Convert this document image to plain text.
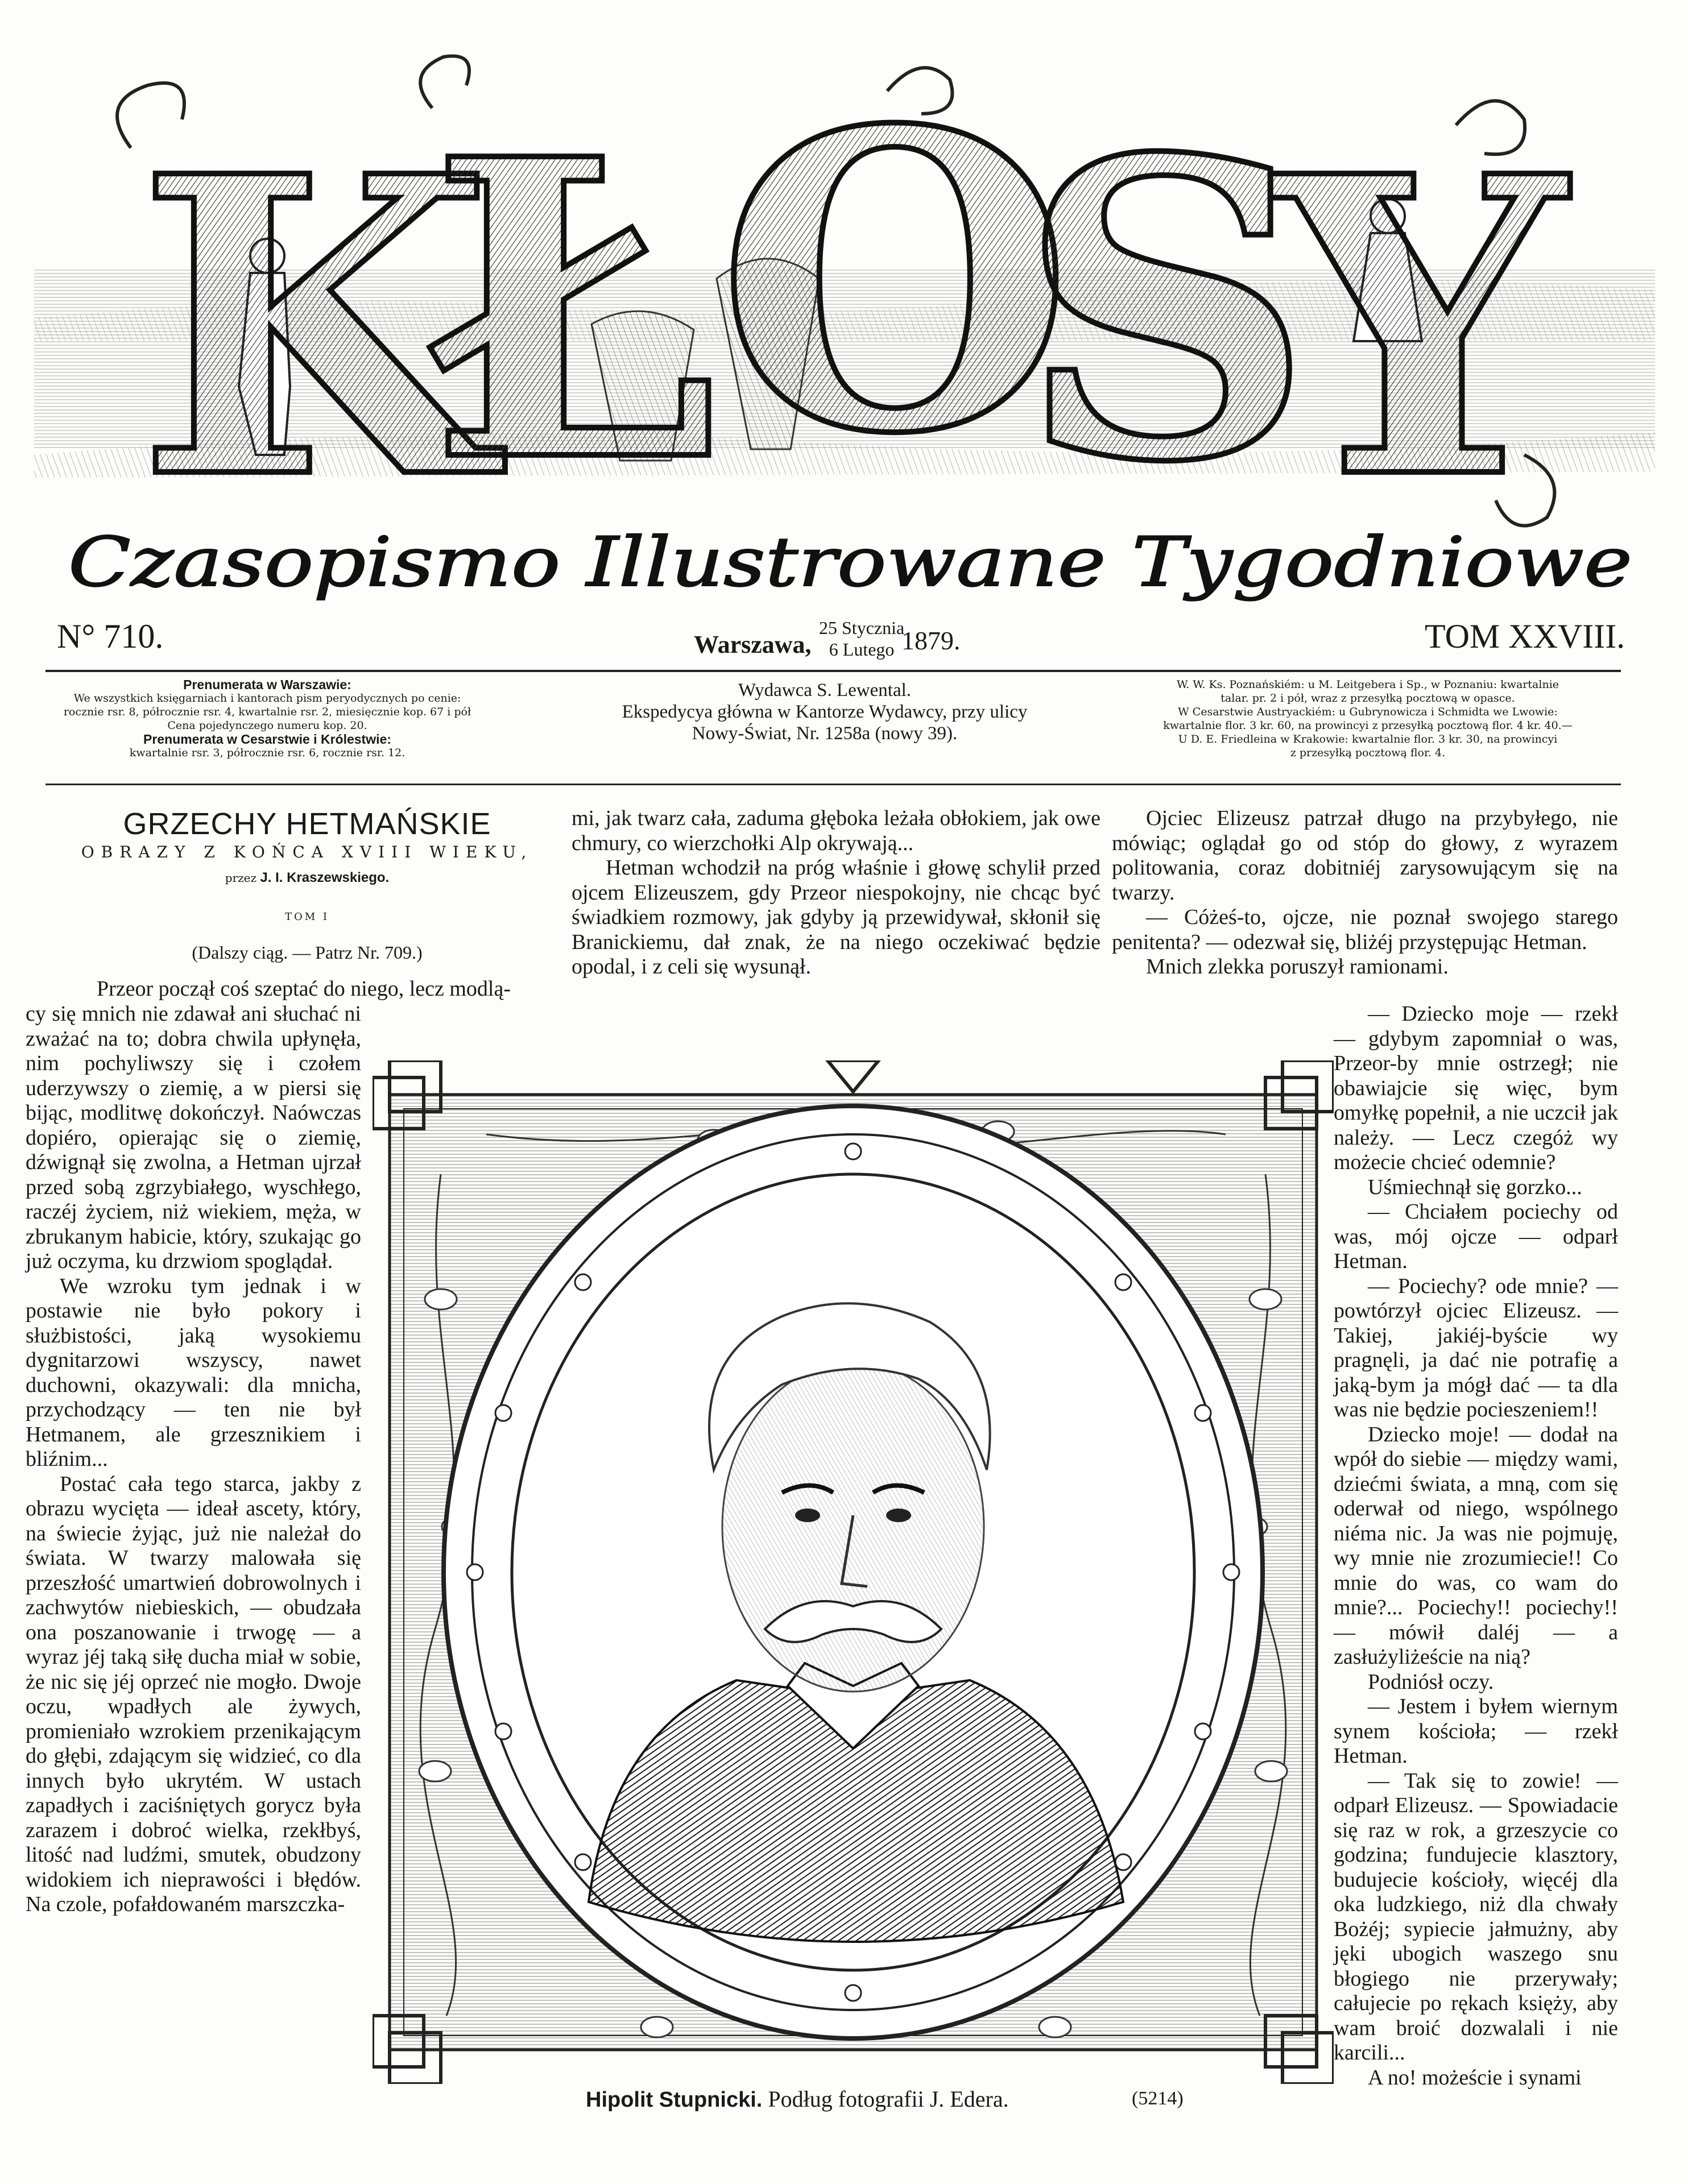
K
Ł
O
S
Y
Czasopismo Illustrowane Tygodniowe
N° 710.	Warszawa,
25 Stycznia
6 Lutego 1879.	TOM XXVIII.
Prenumerata w Warszawie:
We wszystkich księgarniach i kantorach pism peryodycznych po cenie:
rocznie rsr. 8, półrocznie rsr. 4, kwartalnie rsr. 2, miesięcznie kop. 67 i pół
Cena pojedynczego numeru kop. 20.
Prenumerata w Cesarstwie i Królestwie:
kwartalnie rsr. 3, półrocznie rsr. 6, rocznie rsr. 12.
Wydawca S. Lewental.
Ekspedycya główna w Kantorze Wydawcy, przy ulicy
Nowy-Świat, Nr. 1258a (nowy 39).
W. W. Ks. Poznańskiém: u M. Leitgebera i Sp., w Poznaniu: kwartalnie
talar. pr. 2 i pół, wraz z przesyłką pocztową w opasce.
W Cesarstwie Austryackiém: u Gubrynowicza i Schmidta we Lwowie:
kwartalnie flor. 3 kr. 60, na prowincyi z przesyłką pocztową flor. 4 kr. 40.—
U D. E. Friedleina w Krakowie: kwartalnie flor. 3 kr. 30, na prowincyi
z przesyłką pocztową flor. 4.
GRZECHY HETMAŃSKIE
OBRAZY Z KOŃCA XVIII WIEKU,
przez J. I. Kraszewskiego.
TOM I
(Dalszy ciąg. — Patrz Nr. 709.)

Przeor począł coś szeptać do niego, lecz modlą-

cy się mnich nie zdawał ani słuchać ni zważać na to; dobra chwila upłynęła, nim pochyliwszy się i czołem uderzywszy o ziemię, a w piersi się bijąc, modlitwę dokończył. Naówczas dopiéro, opierając się o ziemię, dźwignął się zwolna, a Hetman ujrzał przed sobą zgrzybiałego, wyschłego, raczéj życiem, niż wiekiem, męża, w zbrukanym habicie, który, szukając go już oczyma, ku drzwiom spoglądał.

We wzroku tym jednak i w postawie nie było pokory i służbistości, jaką wysokiemu dygnitarzowi wszyscy, nawet duchowni, okazywali: dla mnicha, przychodzący — ten nie był Hetmanem, ale grzesznikiem i bliźnim...

Postać cała tego starca, jakby z obrazu wycięta — ideał ascety, który, na świecie żyjąc, już nie należał do świata. W twarzy malowała się przeszłość umartwień dobrowolnych i zachwytów niebieskich, — obudzała ona poszanowanie i trwogę — a wyraz jéj taką siłę ducha miał w sobie, że nic się jéj oprzeć nie mogło. Dwoje oczu, wpadłych ale żywych, promieniało wzrokiem przenikającym do głębi, zdającym się widzieć, co dla innych było ukrytém. W ustach zapadłych i zaciśniętych gorycz była zarazem i dobroć wielka, rzekłbyś, litość nad ludźmi, smutek, obudzony widokiem ich nieprawości i błędów. Na czole, pofałdowaném marszczka-

mi, jak twarz cała, zaduma głęboka leżała obłokiem, jak owe chmury, co wierzchołki Alp okrywają...

Hetman wchodził na próg właśnie i głowę schylił przed ojcem Elizeuszem, gdy Przeor niespokojny, nie chcąc być świadkiem rozmowy, jak gdyby ją przewidywał, skłonił się Branickiemu, dał znak, że na niego oczekiwać będzie opodal, i z celi się wysunął.

Ojciec Elizeusz patrzał długo na przybyłego, nie mówiąc; oglądał go od stóp do głowy, z wyrazem politowania, coraz dobitniéj zarysowującym się na twarzy.

— Cóżeś-to, ojcze, nie poznał swojego starego penitenta? — odezwał się, bliżéj przystępując Hetman.

Mnich zlekka poruszył ramionami.

— Dziecko moje — rzekł — gdybym zapomniał o was, Przeor-by mnie ostrzegł; nie obawiajcie się więc, bym omyłkę popełnił, a nie uczcił jak należy. — Lecz czegóż wy możecie chcieć odemnie?

Uśmiechnął się gorzko...

— Chciałem pociechy od was, mój ojcze — odparł Hetman.

— Pociechy? ode mnie? — powtórzył ojciec Elizeusz. — Takiej, jakiéj-byście wy pragnęli, ja dać nie potrafię a jaką-bym ja mógł dać — ta dla was nie będzie pocieszeniem!!

Dziecko moje! — dodał na wpół do siebie — między wami, dziećmi świata, a mną, com się oderwał od niego, wspólnego niéma nic. Ja was nie pojmuję, wy mnie nie zrozumiecie!! Co mnie do was, co wam do mnie?... Pociechy!! pociechy!! — mówił daléj — a zasłużyliżeście na nią?

Podniósł oczy.

— Jestem i byłem wiernym synem kościoła; — rzekł Hetman.

— Tak się to zowie! — odparł Elizeusz. — Spowiadacie się raz w rok, a grzeszycie co godzina; fundujecie klasztory, budujecie kościoły, więcéj dla oka ludzkiego, niż dla chwały Bożéj; sypiecie jałmużny, aby jęki ubogich waszego snu błogiego nie przerywały; całujecie po rękach księży, aby wam broić dozwalali i nie karcili...

A no! możeście i synami

Hipolit Stupnicki. Podług fotografii J. Edera.	(5214)
